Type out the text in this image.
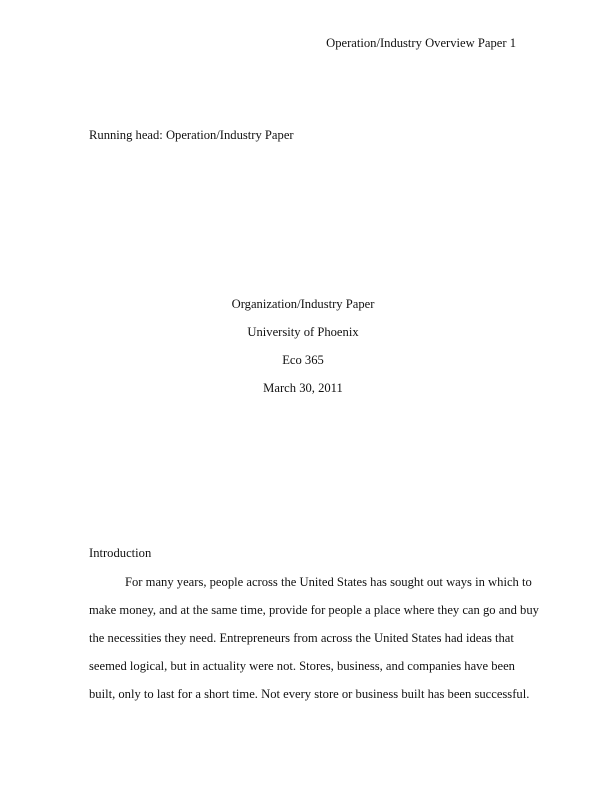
Operation/Industry Overview Paper 1
Running head: Operation/Industry Paper
Organization/Industry Paper
University of Phoenix
Eco 365
March 30, 2011
Introduction
For many years, people across the United States has sought out ways in which to
make money, and at the same time, provide for people a place where they can go and buy
the necessities they need. Entrepreneurs from across the United States had ideas that
seemed logical, but in actuality were not. Stores, business, and companies have been
built, only to last for a short time. Not every store or business built has been successful.
